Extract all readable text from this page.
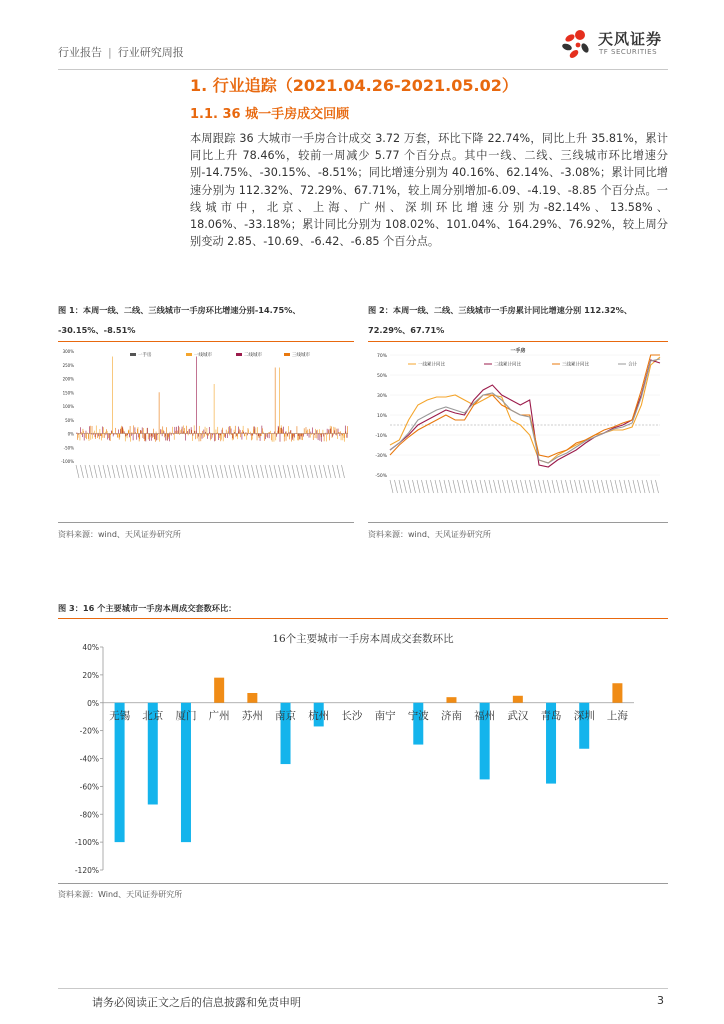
行业报告 | 行业研究周报
天风证券
TF SECURITIES
1. 行业追踪（2021.04.26-2021.05.02）
1.1. 36 城一手房成交回顾
本周跟踪 36 大城市一手房合计成交 3.72 万套，环比下降 22.74%，同比上升 35.81%，累计同比上升 78.46%，较前一周减少 5.77 个百分点。其中一线、二线、三线城市环比增速分别-14.75%、-30.15%、-8.51%；同比增速分别为 40.16%、62.14%、-3.08%；累计同比增速分别为 112.32%、72.29%、67.71%，较上周分别增加-6.09、-4.19、-8.85 个百分点。一线城市中，北京、上海、广州、深圳环比增速分别为-82.14%、13.58%、18.06%、-33.18%；累计同比分别为 108.02%、101.04%、164.29%、76.92%，较上周分别变动 2.85、-10.69、-6.42、-6.85 个百分点。
图 1：本周一线、二线、三线城市一手房环比增速分别-14.75%、
-30.15%、-8.51%
300%
250%
200%
150%
100%
50%
0%
-50%
-100%
一手房	一线城市	二线城市	三线城市
资料来源：wind、天风证券研究所
图 2：本周一线、二线、三线城市一手房累计同比增速分别 112.32%、
72.29%、67.71%
一手房
70%
50%
30%
10%
-10%
-30%
-50%
一线累计同比	二线累计同比	三线累计同比	合计
资料来源：wind、天风证券研究所
图 3：16 个主要城市一手房本周成交套数环比：
16个主要城市一手房本周成交套数环比
40%
20%
0%
-20%
-40%
-60%
-80%
-100%
-120%
无锡 北京 厦门 广州 苏州 南京 杭州 长沙 南宁 宁波 济南 福州 武汉 青岛 深圳 上海
资料来源：Wind、天风证券研究所
请务必阅读正文之后的信息披露和免责申明	3
